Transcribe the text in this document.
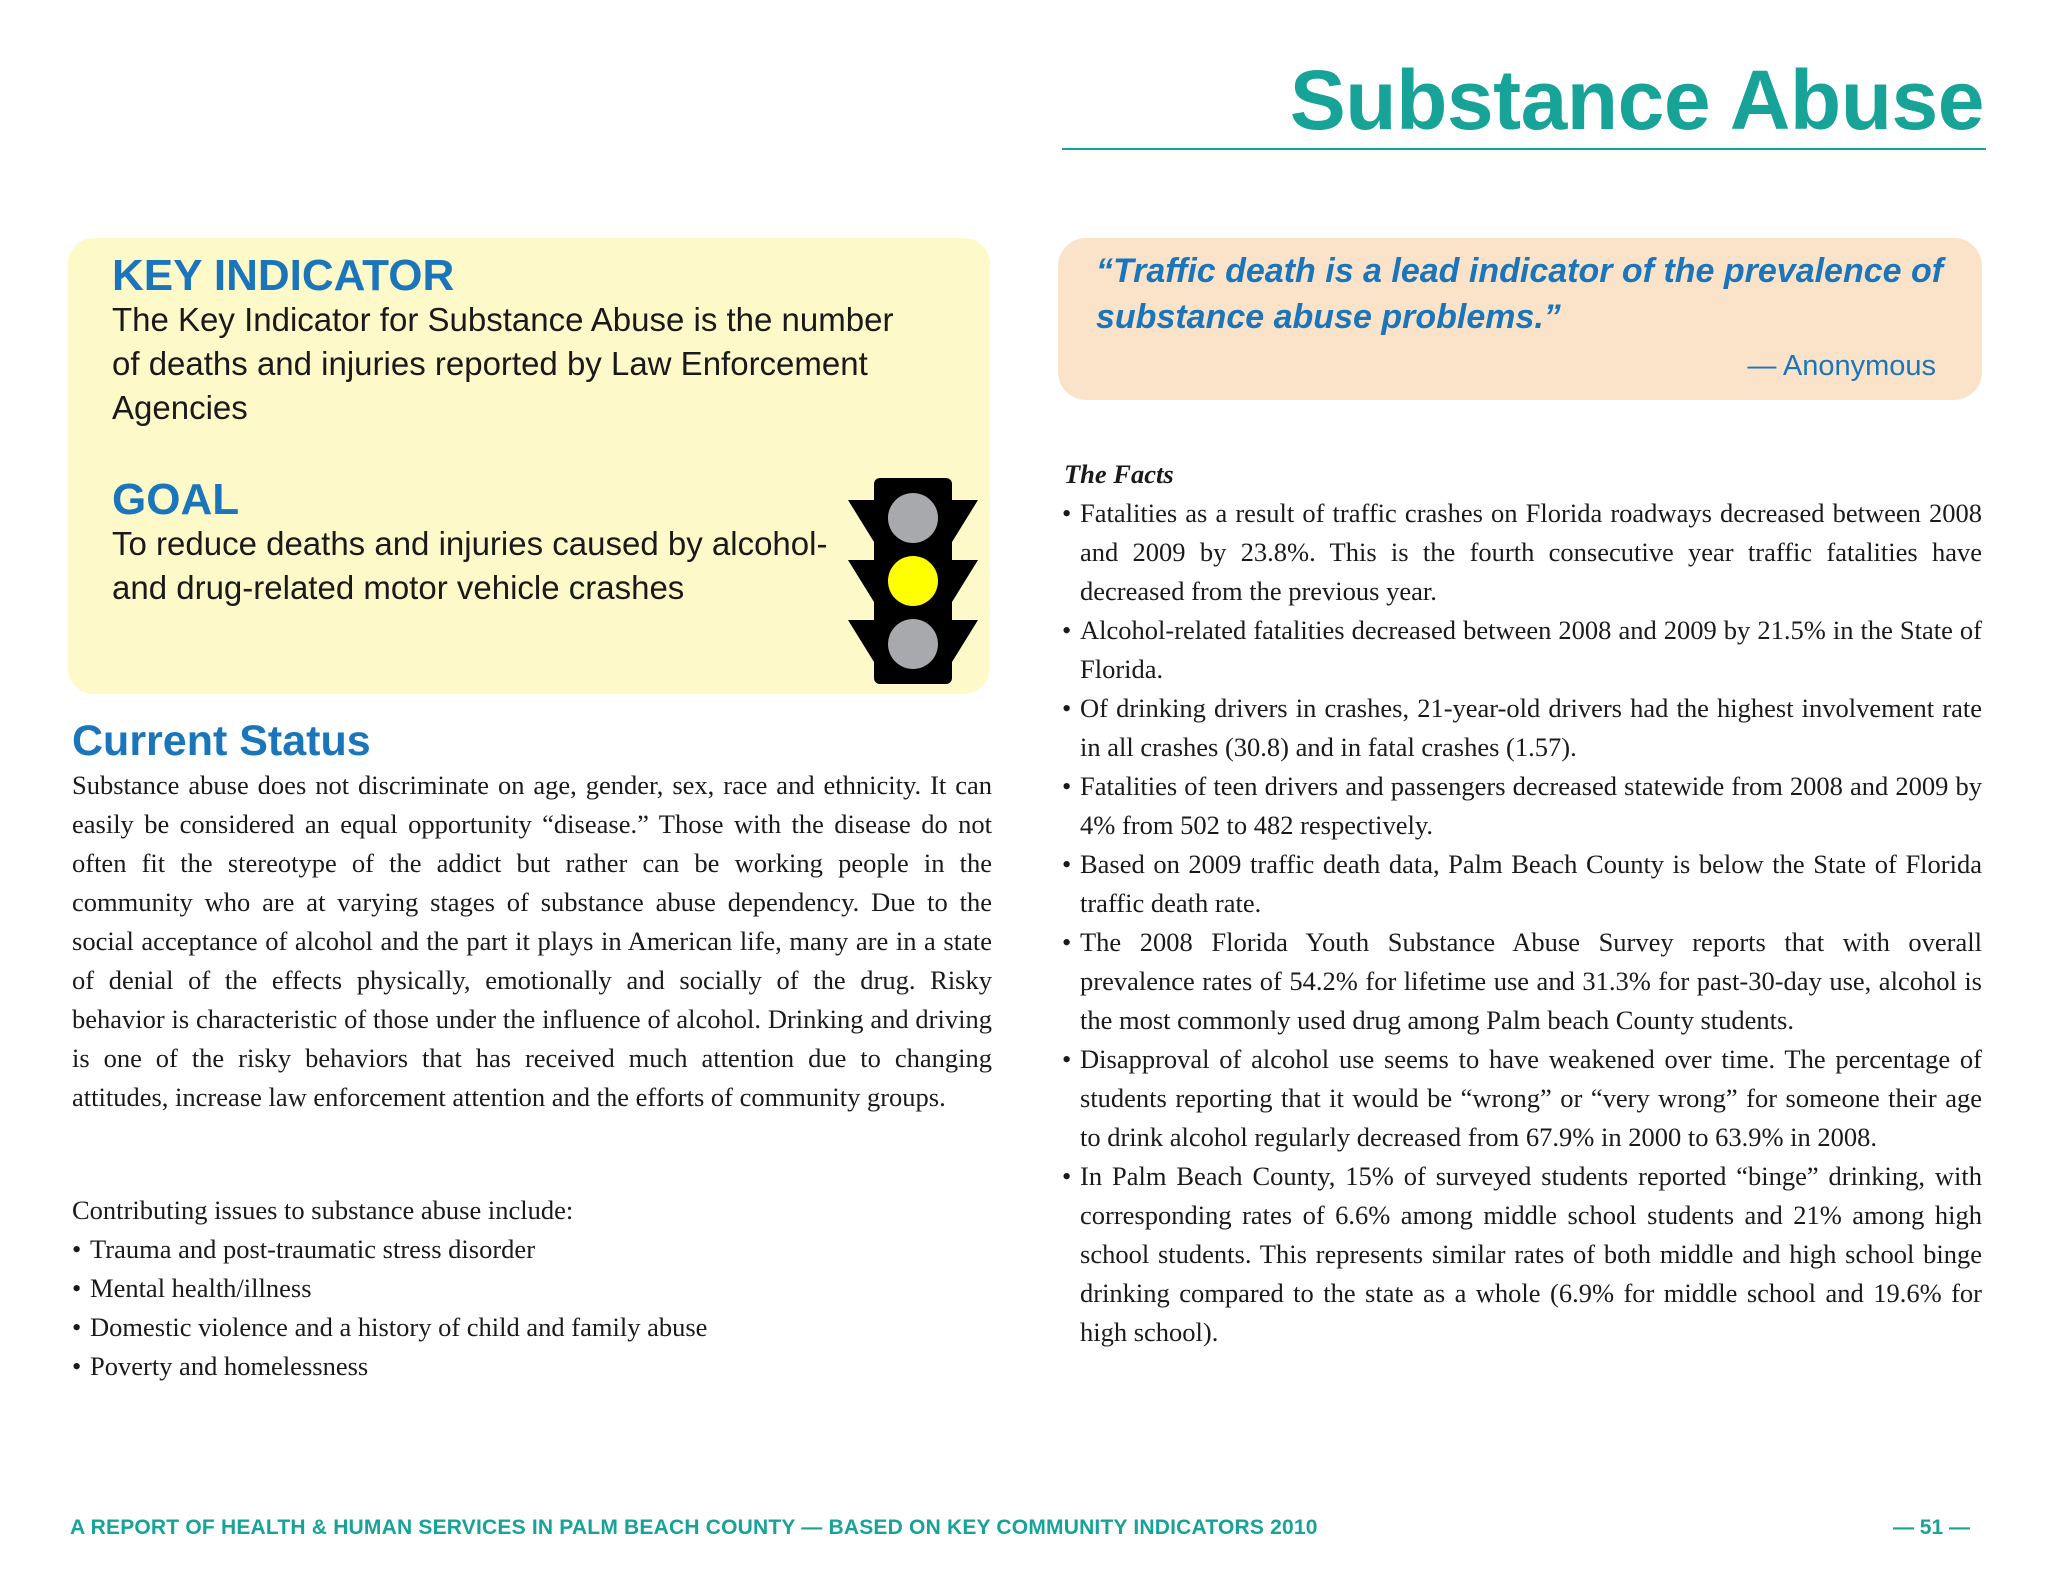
Substance Abuse
KEY INDICATOR
The Key Indicator for Substance Abuse is the number
of deaths and injuries reported by Law Enforcement
Agencies
GOAL
To reduce deaths and injuries caused by alcohol-
and drug-related motor vehicle crashes
“Traffic death is a lead indicator of the prevalence of substance abuse problems.”
— Anonymous
Current Status

Substance abuse does not discriminate on age, gender, sex, race and ethnicity. It can easily be considered an equal opportunity “disease.” Those with the disease do not often fit the stereotype of the addict but rather can be working people in the community who are at varying stages of substance abuse dependency. Due to the social acceptance of alcohol and the part it plays in American life, many are in a state of denial of the effects physically, emotionally and socially of the drug. Risky behavior is characteristic of those under the influence of alcohol. Drinking and driving is one of the risky behaviors that has received much attention due to changing attitudes, increase law enforcement attention and the efforts of community groups.

Contributing issues to substance abuse include:

• Trauma and post-traumatic stress disorder
• Mental health/illness
• Domestic violence and a history of child and family abuse
• Poverty and homelessness
The Facts
• Fatalities as a result of traffic crashes on Florida roadways decreased between 2008 and 2009 by 23.8%. This is the fourth consecutive year traffic fatalities have decreased from the previous year.
• Alcohol-related fatalities decreased between 2008 and 2009 by 21.5% in the State of Florida.
• Of drinking drivers in crashes, 21-year-old drivers had the highest involvement rate in all crashes (30.8) and in fatal crashes (1.57).
• Fatalities of teen drivers and passengers decreased statewide from 2008 and 2009 by 4% from 502 to 482 respectively.
• Based on 2009 traffic death data, Palm Beach County is below the State of Florida traffic death rate.
• The 2008 Florida Youth Substance Abuse Survey reports that with overall prevalence rates of 54.2% for lifetime use and 31.3% for past-30-day use, alcohol is the most commonly used drug among Palm beach County students.
• Disapproval of alcohol use seems to have weakened over time. The percentage of students reporting that it would be “wrong” or “very wrong” for someone their age to drink alcohol regularly decreased from 67.9% in 2000 to 63.9% in 2008.
• In Palm Beach County, 15% of surveyed students reported “binge” drinking, with corresponding rates of 6.6% among middle school students and 21% among high school students. This represents similar rates of both middle and high school binge drinking compared to the state as a whole (6.9% for middle school and 19.6% for high school).
A REPORT OF HEALTH & HUMAN SERVICES IN PALM BEACH COUNTY — BASED ON KEY COMMUNITY INDICATORS 2010	— 51 —
